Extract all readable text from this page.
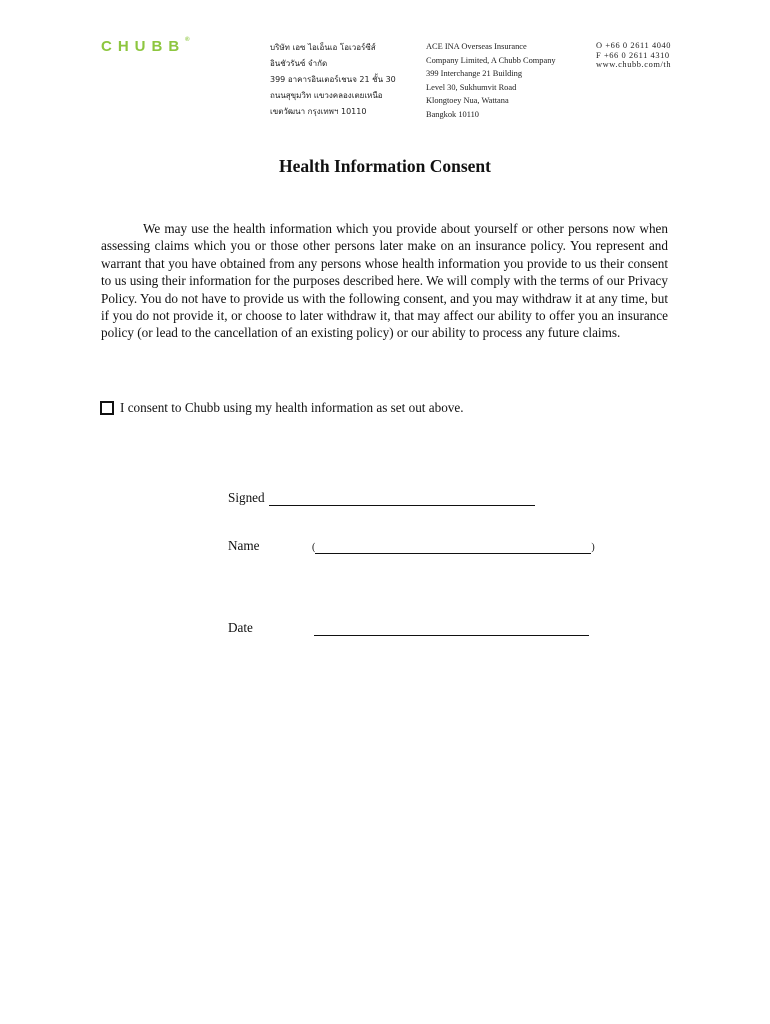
CHUBB®
บริษัท เอซ ไอเอ็นเอ โอเวอร์ซีส์
อินชัวรันซ์ จำกัด
399 อาคารอินเตอร์เชนจ 21 ชั้น 30
ถนนสุขุมวิท แขวงคลองเตยเหนือ
เขตวัฒนา กรุงเทพฯ 10110
ACE INA Overseas Insurance
Company Limited, A Chubb Company
399 Interchange 21 Building
Level 30, Sukhumvit Road
Klongtoey Nua, Wattana
Bangkok 10110
O +66 0 2611 4040
F +66 0 2611 4310
www.chubb.com/th
Health Information Consent

We may use the health information which you provide about yourself or other persons now when assessing claims which you or those other persons later make on an insurance policy. You represent and warrant that you have obtained from any persons whose health information you provide to us their consent to us using their information for the purposes described here. We will comply with the terms of our Privacy Policy. You do not have to provide us with the following consent, and you may withdraw it at any time, but if you do not provide it, or choose to later withdraw it, that may affect our ability to offer you an insurance policy (or lead to the cancellation of an existing policy) or our ability to process any future claims.

I consent to Chubb using my health information as set out above.
Signed
Name	(	)
Date
